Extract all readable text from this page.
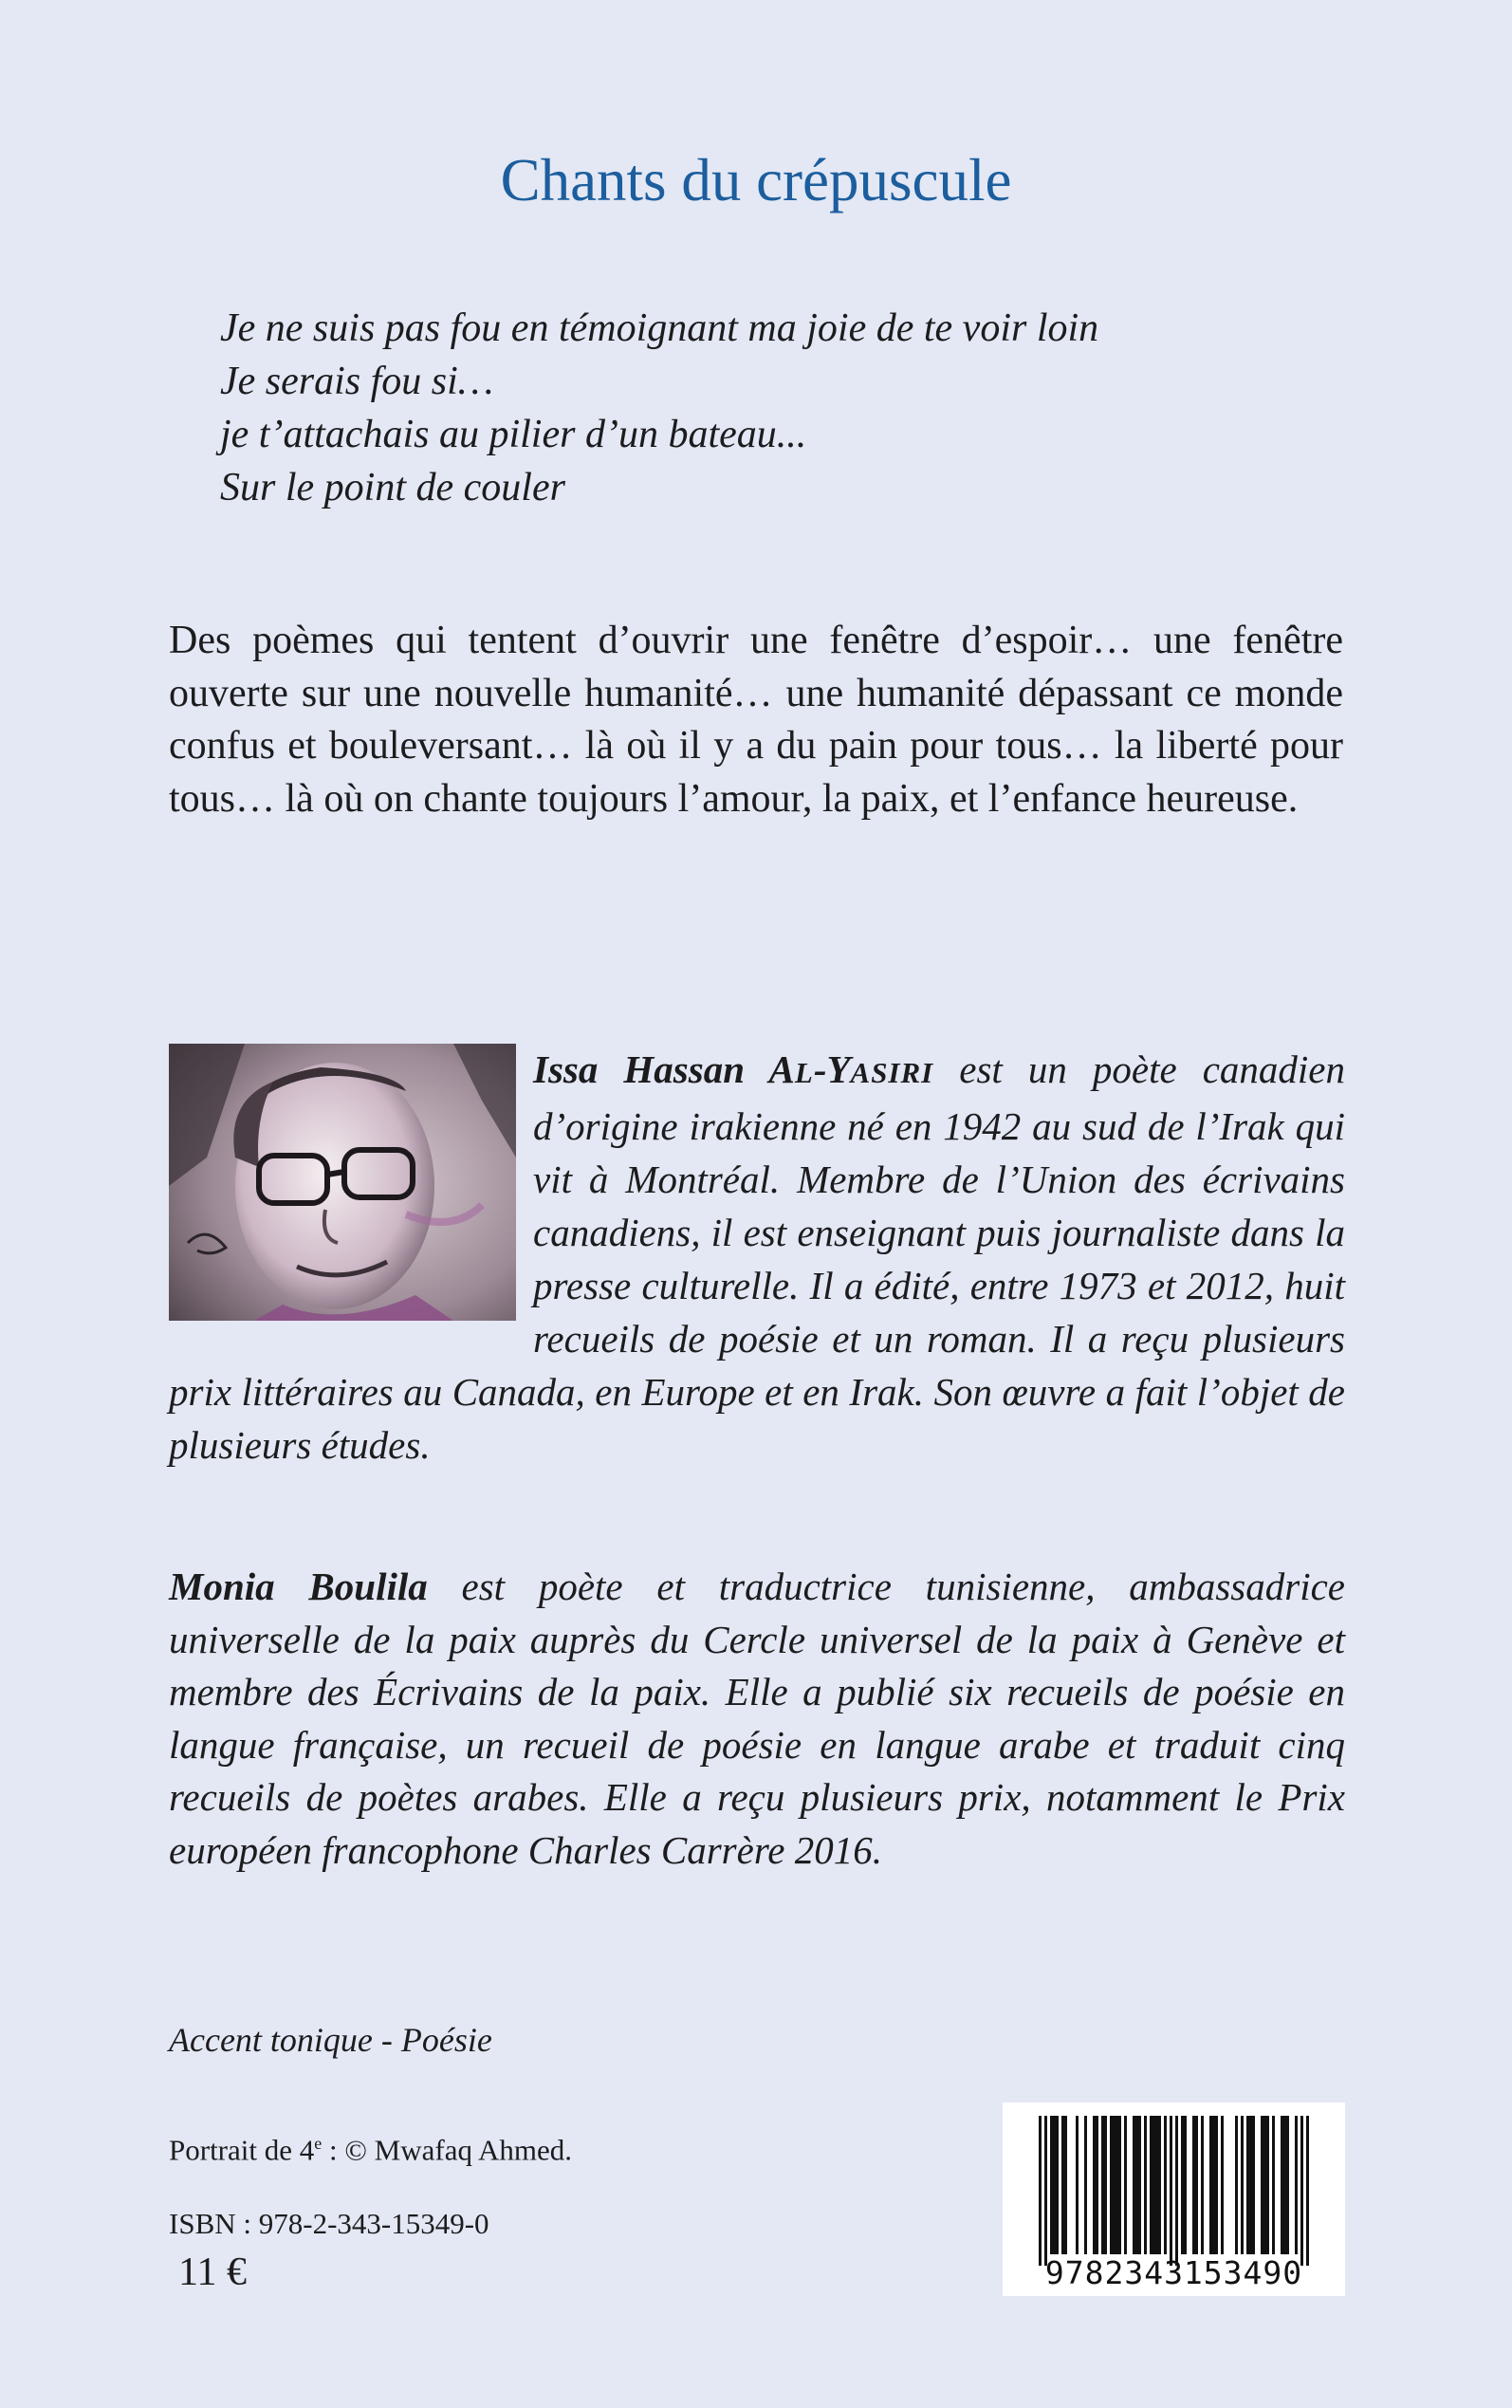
Chants du crépuscule
Je ne suis pas fou en témoignant ma joie de te voir loin
Je serais fou si…
je t’attachais au pilier d’un bateau...
Sur le point de couler
Des poèmes qui tentent d’ouvrir une fenêtre d’espoir… une fenêtre ouverte sur une nouvelle humanité… une humanité dépassant ce monde confus et bouleversant… là où il y a du pain pour tous… la liberté pour tous… là où on chante toujours l’amour, la paix, et l’enfance heureuse.
Issa Hassan AL-YASIRI est un poète canadien d’origine irakienne né en 1942 au sud de l’Irak qui vit à Montréal. Membre de l’Union des écrivains canadiens, il est enseignant puis journaliste dans la presse culturelle. Il a édité, entre 1973 et 2012, huit recueils de poésie et un roman. Il a reçu plusieurs prix littéraires au Canada, en Europe et en Irak. Son œuvre a fait l’objet de plusieurs études.
Monia Boulila est poète et traductrice tunisienne, ambassadrice universelle de la paix auprès du Cercle universel de la paix à Genève et membre des Écrivains de la paix. Elle a publié six recueils de poésie en langue française, un recueil de poésie en langue arabe et traduit cinq recueils de poètes arabes. Elle a reçu plusieurs prix, notamment le Prix européen francophone Charles Carrère 2016.
Accent tonique - Poésie
Portrait de 4e : © Mwafaq Ahmed.
ISBN : 978-2-343-15349-0
11 €	9782343153490
